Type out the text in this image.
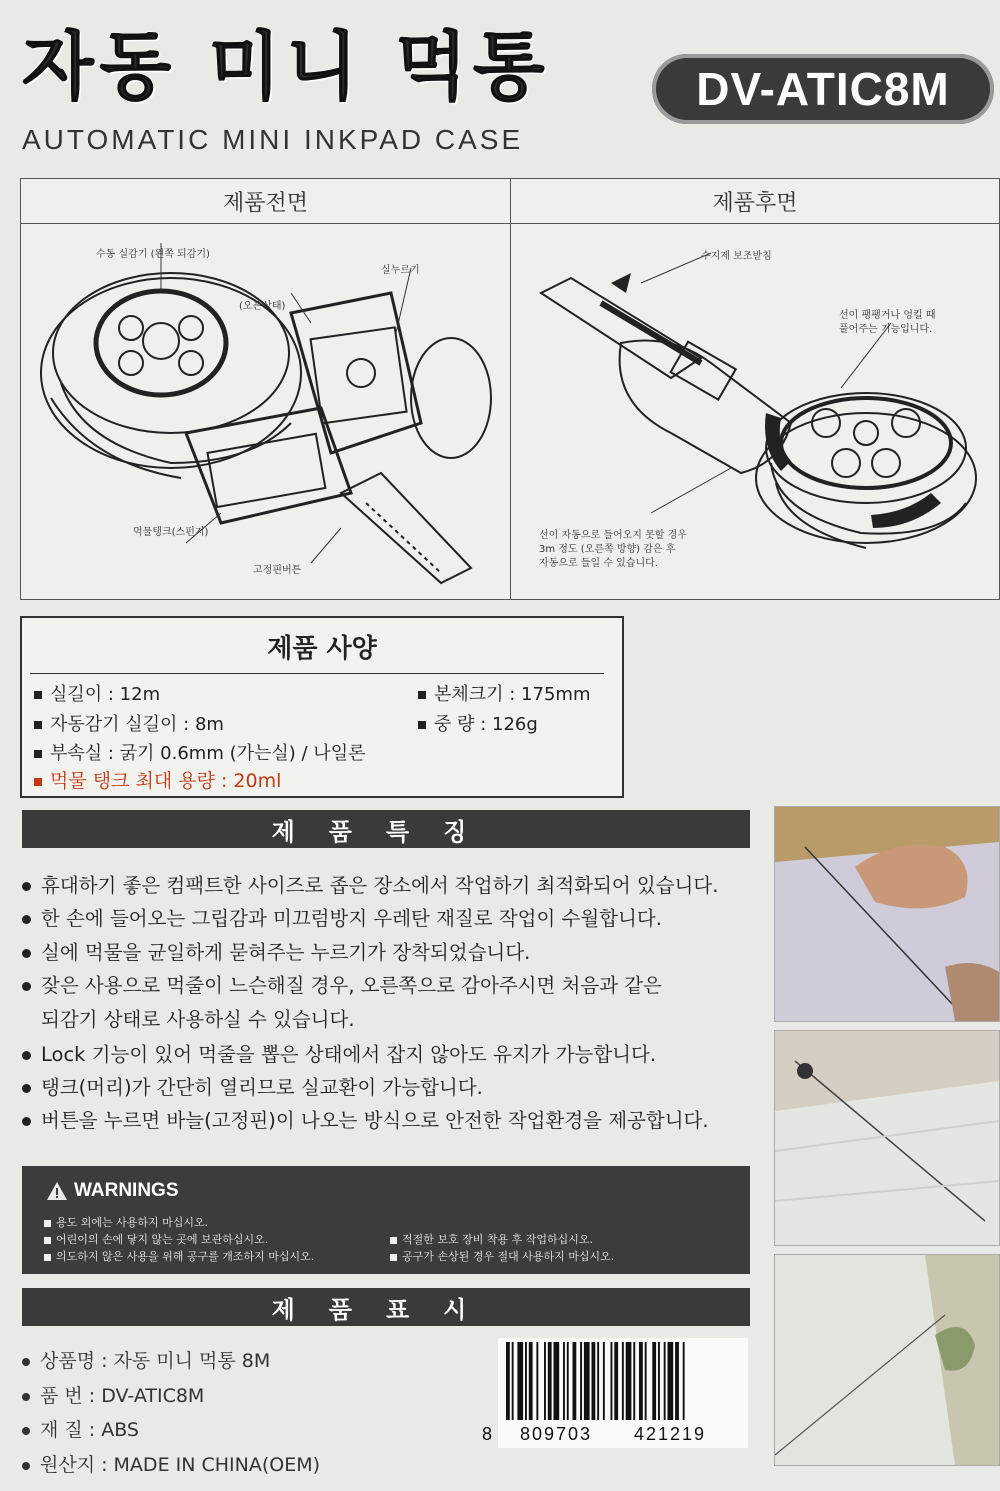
자동 미니 먹통	DV-ATIC8M
AUTOMATIC MINI INKPAD CASE
제품전면
수동 실감기 (왼쪽 되감기)
(오픈상태)
실누르기
먹물탱크(스펀지)
고정핀버튼
제품후면
수지제 보조받침
선이 팽팽거나 엉킬 때
풀어주는 기능입니다.
선이 자동으로 들어오지 못할 경우
3m 정도 (오른쪽 방향) 감은 후
자동으로 들일 수 있습니다.
제품 사양
실길이 : 12m
자동감기 실길이 : 8m
부속실 : 굵기 0.6mm (가는실) / 나일론
먹물 탱크 최대 용량 : 20ml
본체크기 : 175mm
중 량 : 126g
제품특징
휴대하기 좋은 컴팩트한 사이즈로 좁은 장소에서 작업하기 최적화되어 있습니다.
한 손에 들어오는 그립감과 미끄럼방지 우레탄 재질로 작업이 수월합니다.
실에 먹물을 균일하게 묻혀주는 누르기가 장착되었습니다.
잦은 사용으로 먹줄이 느슨해질 경우, 오른쪽으로 감아주시면 처음과 같은
되감기 상태로 사용하실 수 있습니다.
Lock 기능이 있어 먹줄을 뽑은 상태에서 잡지 않아도 유지가 가능합니다.
탱크(머리)가 간단히 열리므로 실교환이 가능합니다.
버튼을 누르면 바늘(고정핀)이 나오는 방식으로 안전한 작업환경을 제공합니다.
WARNINGS
용도 외에는 사용하지 마십시오.
어린이의 손에 닿지 않는 곳에 보관하십시오.
의도하지 않은 사용을 위해 공구를 개조하지 마십시오.
적절한 보호 장비 착용 후 작업하십시오.
공구가 손상된 경우 절대 사용하지 마십시오.
제품표시
상품명 : 자동 미니 먹통 8M
품 번 : DV-ATIC8M
재 질 : ABS
원산지 : MADE IN CHINA(OEM)
8 809703 421219
